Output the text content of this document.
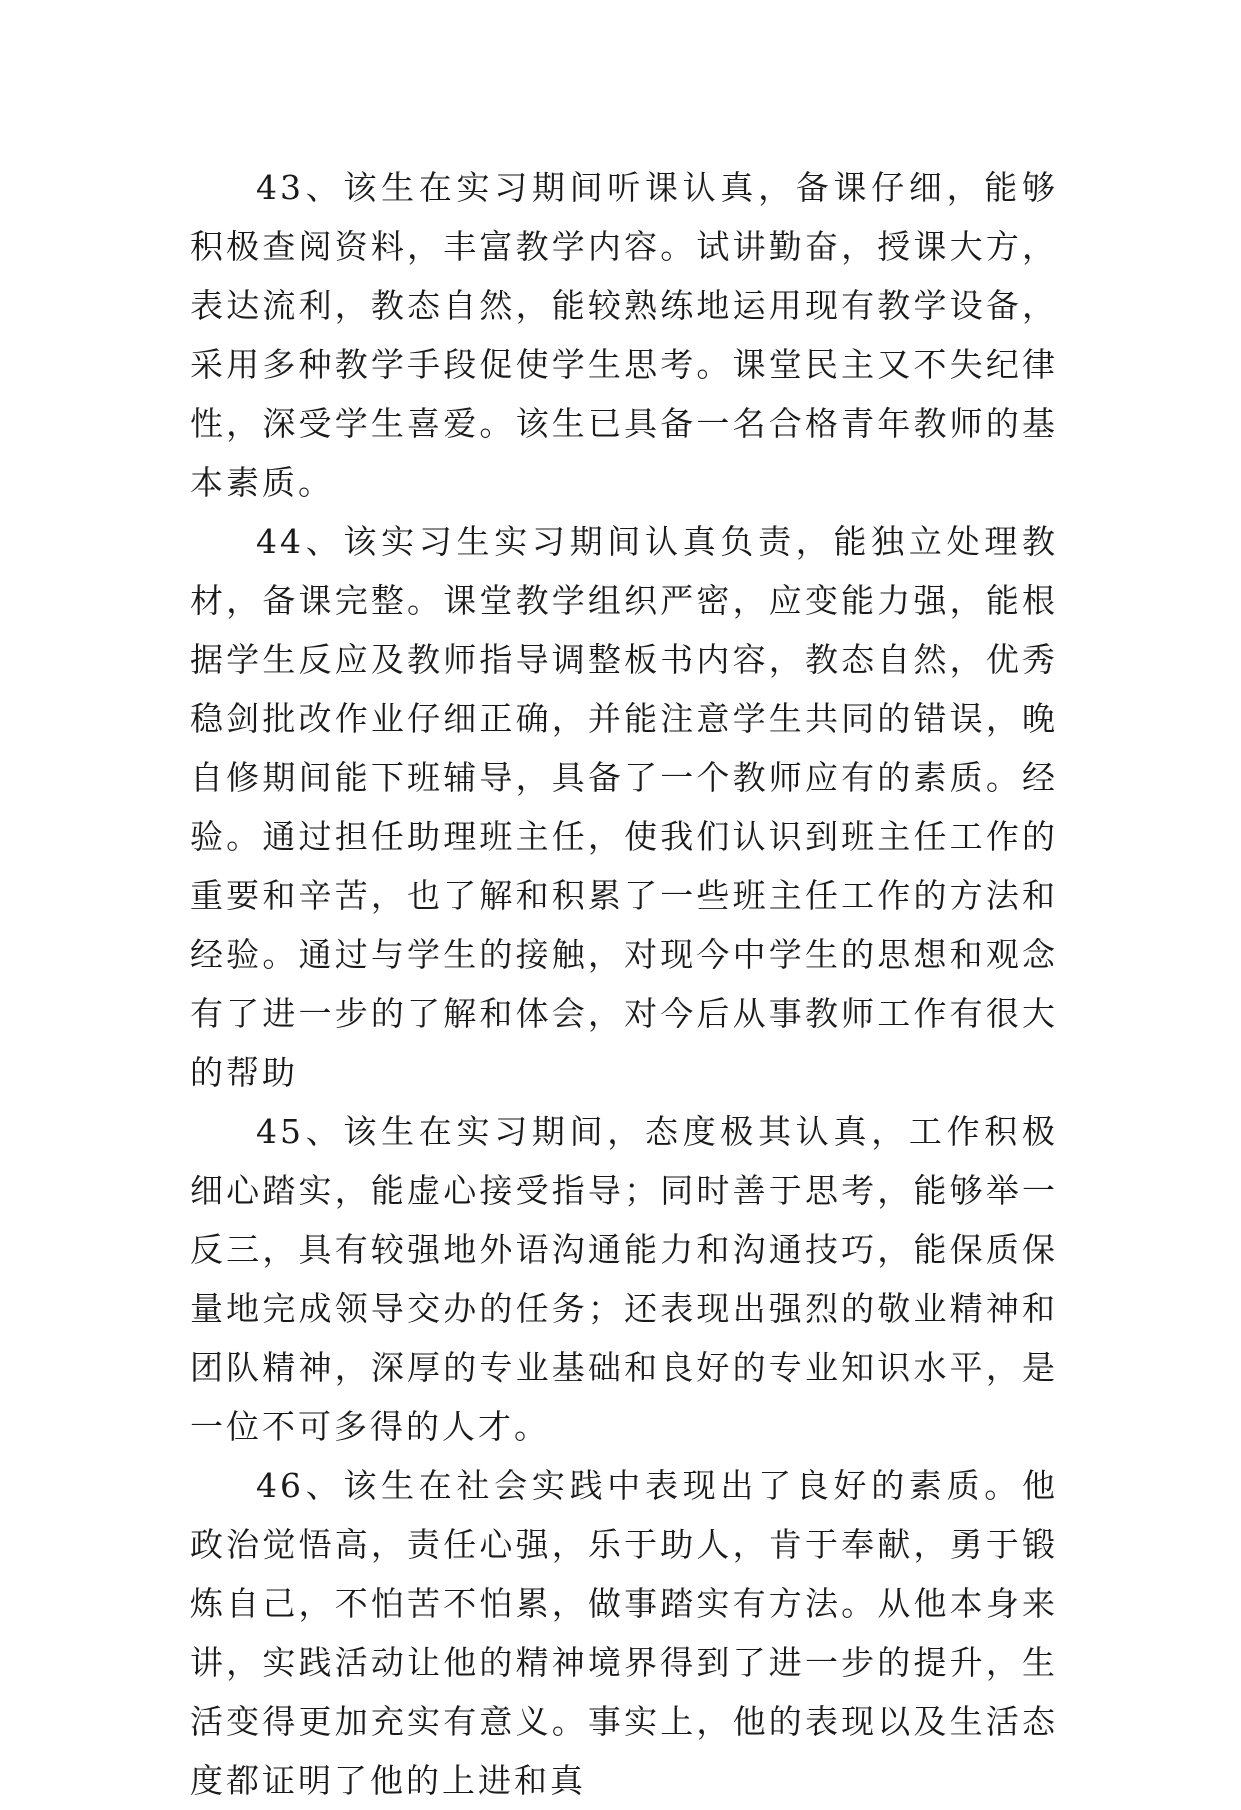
43、该生在实习期间听课认真，备课仔细，能够积极查阅资料，丰富教学内容。试讲勤奋，授课大方，表达流利，教态自然，能较熟练地运用现有教学设备，采用多种教学手段促使学生思考。课堂民主又不失纪律性，深受学生喜爱。该生已具备一名合格青年教师的基本素质。

44、该实习生实习期间认真负责，能独立处理教材，备课完整。课堂教学组织严密，应变能力强，能根据学生反应及教师指导调整板书内容，教态自然，优秀稳剑批改作业仔细正确，并能注意学生共同的错误，晚自修期间能下班辅导，具备了一个教师应有的素质。经验。通过担任助理班主任，使我们认识到班主任工作的重要和辛苦，也了解和积累了一些班主任工作的方法和经验。通过与学生的接触，对现今中学生的思想和观念有了进一步的了解和体会，对今后从事教师工作有很大的帮助

45、该生在实习期间，态度极其认真，工作积极细心踏实，能虚心接受指导；同时善于思考，能够举一反三，具有较强地外语沟通能力和沟通技巧，能保质保量地完成领导交办的任务；还表现出强烈的敬业精神和团队精神，深厚的专业基础和良好的专业知识水平，是一位不可多得的人才。

46、该生在社会实践中表现出了良好的素质。他政治觉悟高，责任心强，乐于助人，肯于奉献，勇于锻炼自己，不怕苦不怕累，做事踏实有方法。从他本身来讲，实践活动让他的精神境界得到了进一步的提升，生活变得更加充实有意义。事实上，他的表现以及生活态度都证明了他的上进和真
